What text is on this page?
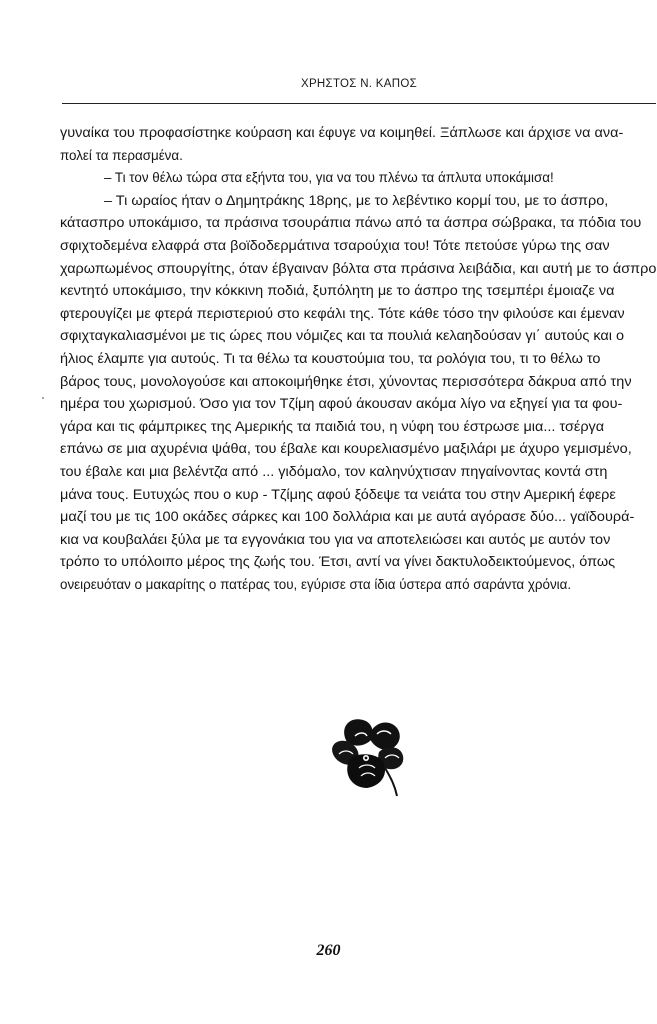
ΧΡΗΣΤΟΣ Ν. ΚΑΠΟΣ
γυναίκα του προφασίστηκε κούραση και έφυγε να κοιμηθεί. Ξάπλωσε και άρχισε να ανα-
πολεί τα περασμένα.
– Τι τον θέλω τώρα στα εξήντα του, για να του πλένω τα άπλυτα υποκάμισα!
– Τι ωραίος ήταν ο Δημητράκης 18ρης, με το λεβέντικο κορμί του, με το άσπρο,
κάτασπρο υποκάμισο, τα πράσινα τσουράπια πάνω από τα άσπρα σώβρακα, τα πόδια του
σφιχτοδεμένα ελαφρά στα βοϊδοδερμάτινα τσαρούχια του! Τότε πετούσε γύρω της σαν
χαρωπωμένος σπουργίτης, όταν έβγαιναν βόλτα στα πράσινα λειβάδια, και αυτή με το άσπρο
κεντητό υποκάμισο, την κόκκινη ποδιά, ξυπόλητη με το άσπρο της τσεμπέρι έμοιαζε να
φτερουγίζει με φτερά περιστεριού στο κεφάλι της. Τότε κάθε τόσο την φιλούσε και έμεναν
σφιχταγκαλιασμένοι με τις ώρες που νόμιζες και τα πουλιά κελαηδούσαν γι΄ αυτούς και ο
ήλιος έλαμπε για αυτούς. Τι τα θέλω τα κουστούμια του, τα ρολόγια του, τι το θέλω το
βάρος τους, μονολογούσε και αποκοιμήθηκε έτσι, χύνοντας περισσότερα δάκρυα από την
ημέρα του χωρισμού. Όσο για τον Τζίμη αφού άκουσαν ακόμα λίγο να εξηγεί για τα φου-
γάρα και τις φάμπρικες της Αμερικής τα παιδιά του, η νύφη του έστρωσε μια... τσέργα
επάνω σε μια αχυρένια ψάθα, του έβαλε και κουρελιασμένο μαξιλάρι με άχυρο γεμισμένο,
του έβαλε και μια βελέντζα από ... γιδόμαλο, τον καληνύχτισαν πηγαίνοντας κοντά στη
μάνα τους. Ευτυχώς που ο κυρ - Τζίμης αφού ξόδεψε τα νειάτα του στην Αμερική έφερε
μαζί του με τις 100 οκάδες σάρκες και 100 δολλάρια και με αυτά αγόρασε δύο... γαϊδουρά-
κια να κουβαλάει ξύλα με τα εγγονάκια του για να αποτελειώσει και αυτός με αυτόν τον
τρόπο το υπόλοιπο μέρος της ζωής του. Έτσι, αντί να γίνει δακτυλοδεικτούμενος, όπως
ονειρευόταν ο μακαρίτης ο πατέρας του, εγύρισε στα ίδια ύστερα από σαράντα χρόνια.
260
